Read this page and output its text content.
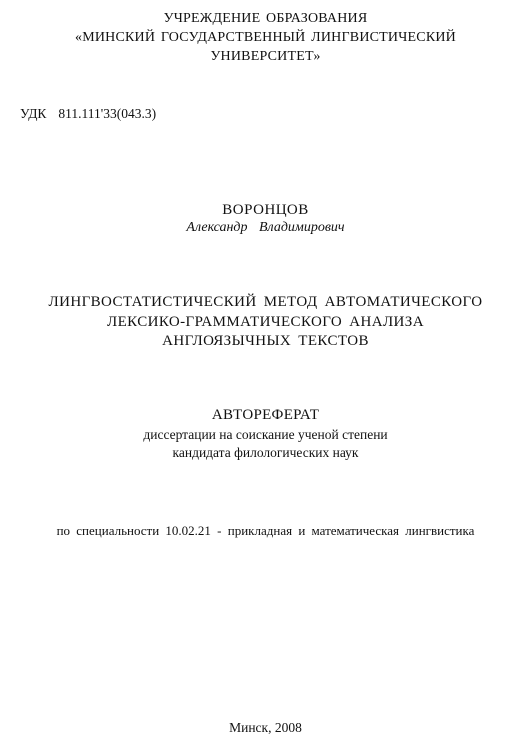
УЧРЕЖДЕНИЕ ОБРАЗОВАНИЯ
«МИНСКИЙ ГОСУДАРСТВЕННЫЙ ЛИНГВИСТИЧЕСКИЙ
УНИВЕРСИТЕТ»
УДК 811.111'33(043.3)
ВОРОНЦОВ
Александр Владимирович
ЛИНГВОСТАТИСТИЧЕСКИЙ МЕТОД АВТОМАТИЧЕСКОГО
ЛЕКСИКО-ГРАММАТИЧЕСКОГО АНАЛИЗА
АНГЛОЯЗЫЧНЫХ ТЕКСТОВ
АВТОРЕФЕРАТ
диссертации на соискание ученой степени
кандидата филологических наук
по специальности 10.02.21 - прикладная и математическая лингвистика
Минск, 2008
